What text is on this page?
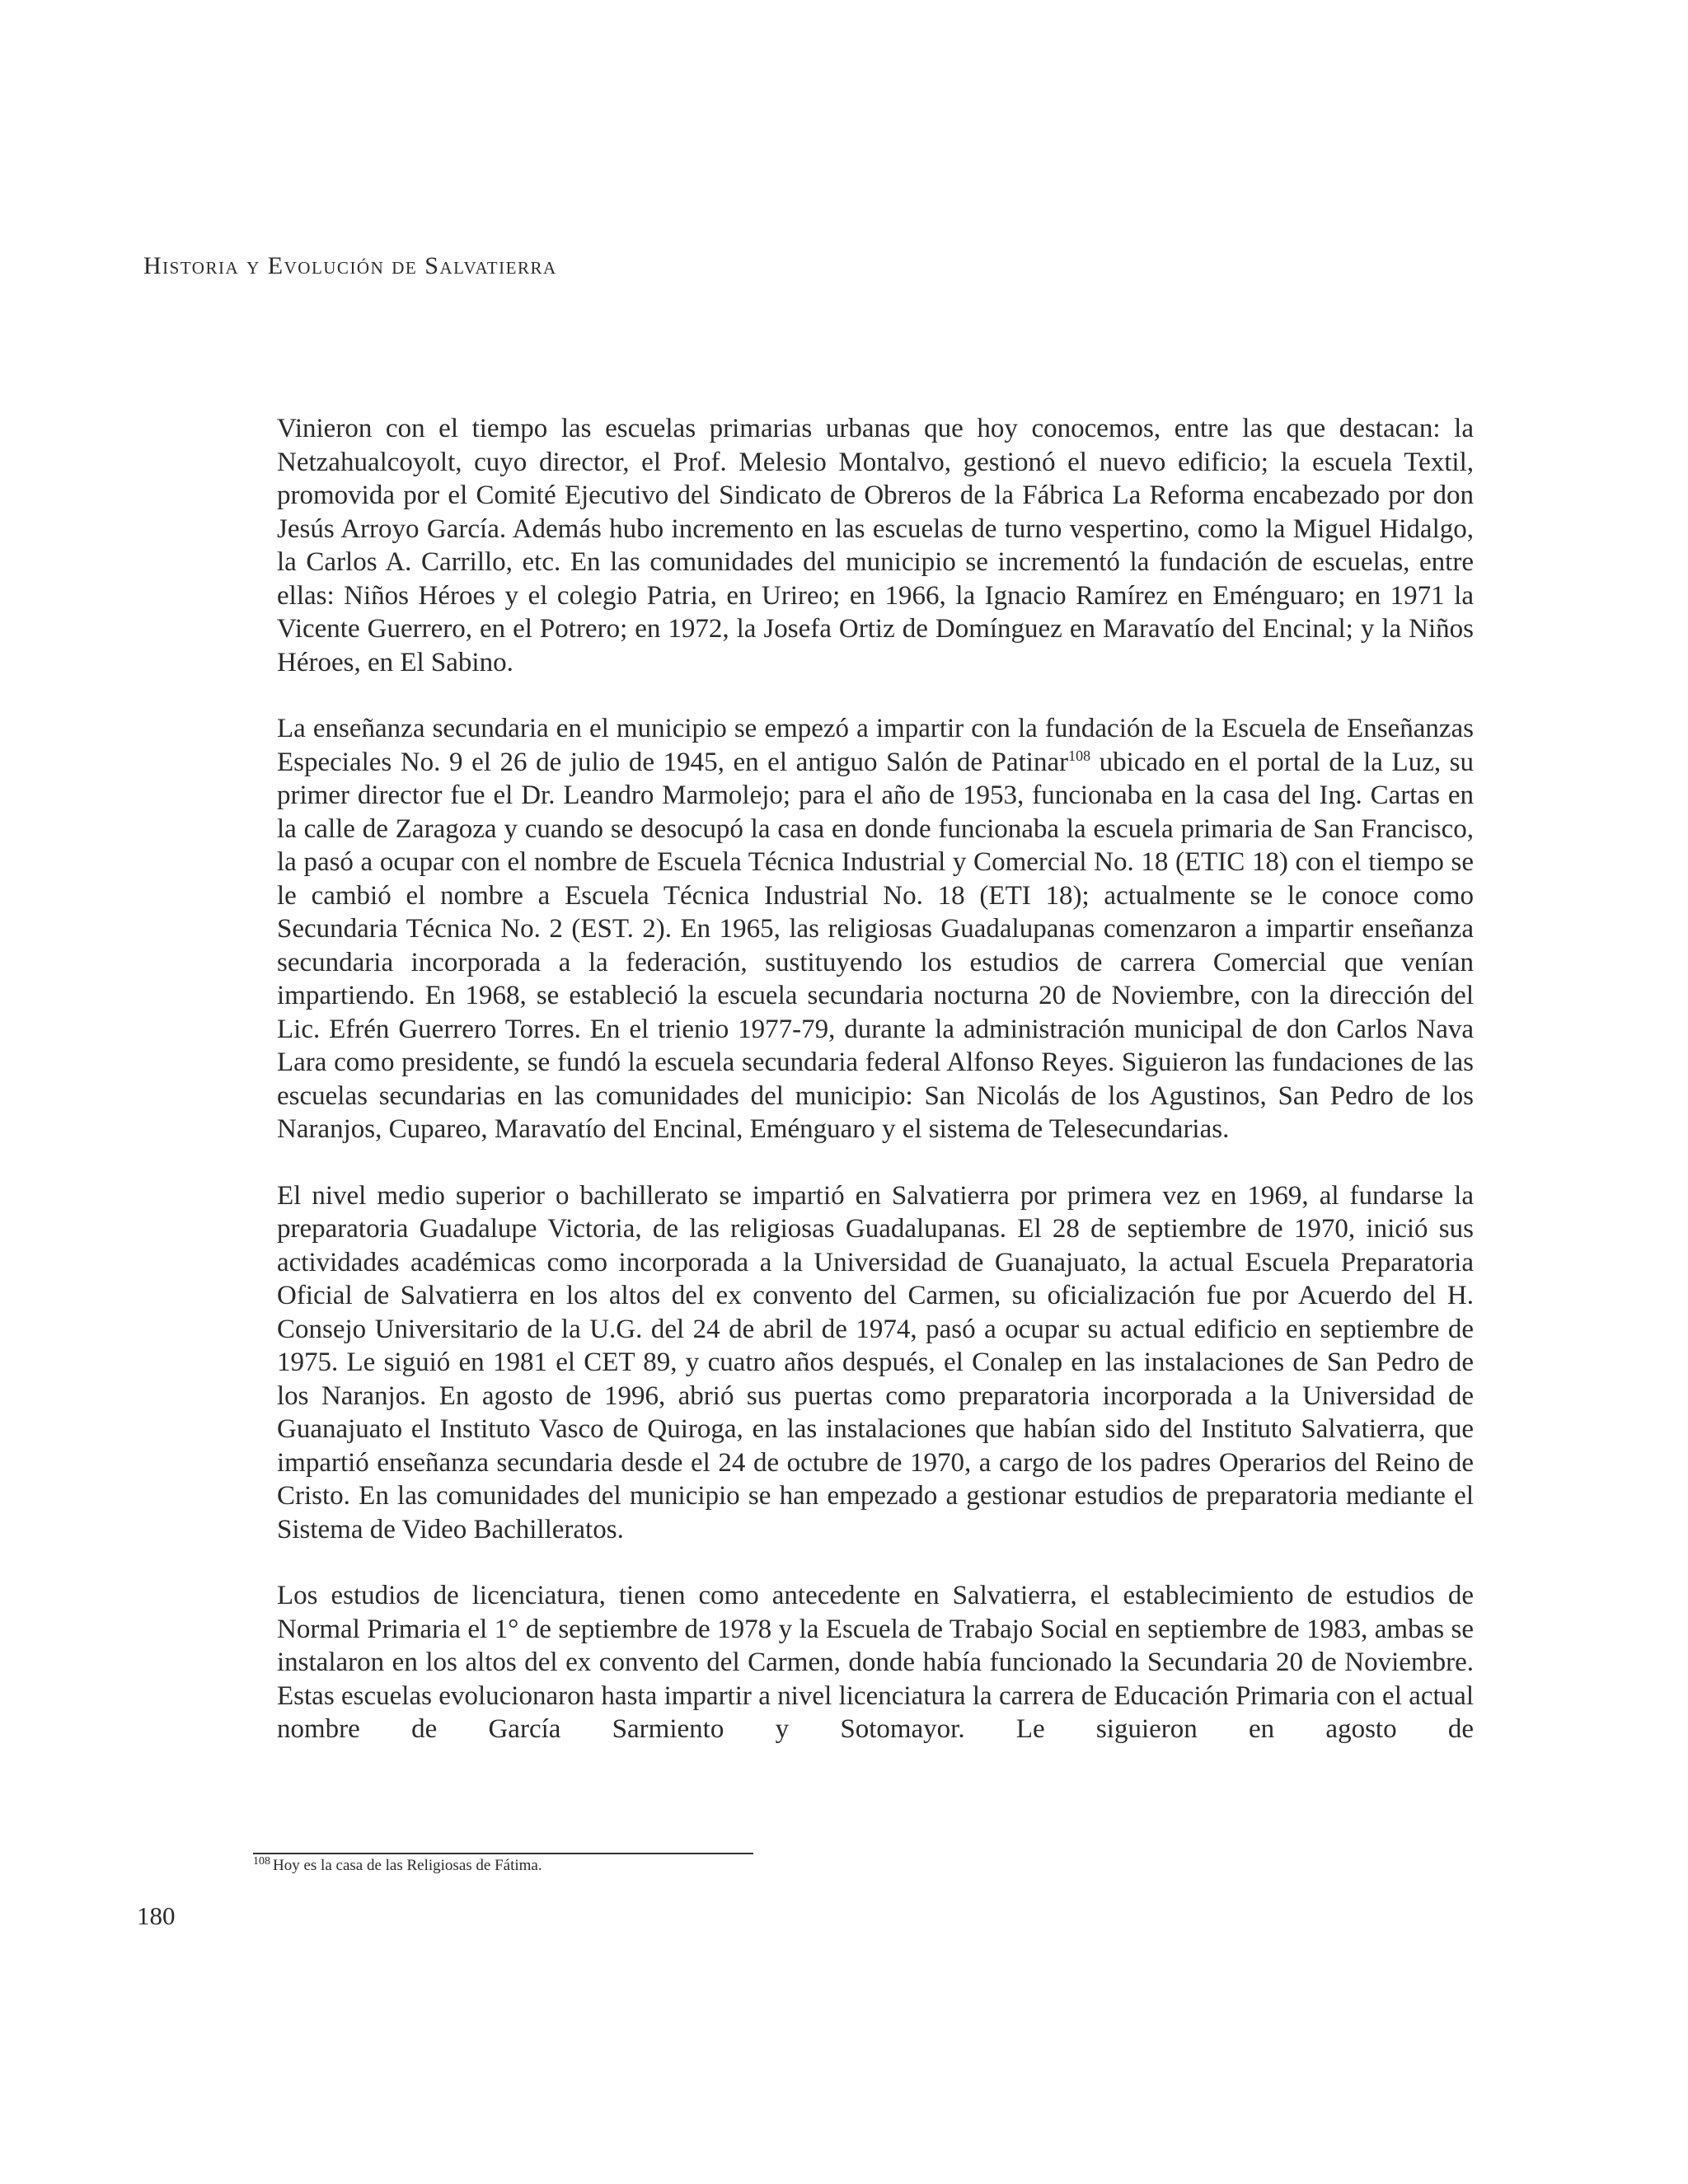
Historia y Evolución de Salvatierra

Vinieron con el tiempo las escuelas primarias urbanas que hoy conocemos, entre las que destacan: la Netzahualcoyolt, cuyo director, el Prof. Melesio Montalvo, gestionó el nuevo edificio; la escuela Textil, promovida por el Comité Ejecutivo del Sindicato de Obreros de la Fábrica La Reforma encabezado por don Jesús Arroyo García. Además hubo incremento en las escuelas de turno vespertino, como la Miguel Hidalgo, la Carlos A. Carrillo, etc. En las comunidades del municipio se incrementó la fundación de escuelas, entre ellas: Niños Héroes y el colegio Patria, en Urireo; en 1966, la Ignacio Ramírez en Eménguaro; en 1971 la Vicente Guerrero, en el Potrero; en 1972, la Josefa Ortiz de Domínguez en Maravatío del Encinal; y la Niños Héroes, en El Sabino.

La enseñanza secundaria en el municipio se empezó a impartir con la fundación de la Escuela de Enseñanzas Especiales No. 9 el 26 de julio de 1945, en el antiguo Salón de Patinar$^{108}$ ubicado en el portal de la Luz, su primer director fue el Dr. Leandro Marmolejo; para el año de 1953, funcionaba en la casa del Ing. Cartas en la calle de Zaragoza y cuando se desocupó la casa en donde funcionaba la escuela primaria de San Francisco, la pasó a ocupar con el nombre de Escuela Técnica Industrial y Comercial No. 18 (ETIC 18) con el tiempo se le cambió el nombre a Escuela Técnica Industrial No. 18 (ETI 18); actualmente se le conoce como Secundaria Técnica No. 2 (EST. 2). En 1965, las religiosas Guadalupanas comenzaron a impartir enseñanza secundaria incorporada a la federación, sustituyendo los estudios de carrera Comercial que venían impartiendo. En 1968, se estableció la escuela secundaria nocturna 20 de Noviembre, con la dirección del Lic. Efrén Guerrero Torres. En el trienio 1977-79, durante la administración municipal de don Carlos Nava Lara como presidente, se fundó la escuela secundaria federal Alfonso Reyes. Siguieron las fundaciones de las escuelas secundarias en las comunidades del municipio: San Nicolás de los Agustinos, San Pedro de los Naranjos, Cupareo, Maravatío del Encinal, Eménguaro y el sistema de Telesecundarias.

El nivel medio superior o bachillerato se impartió en Salvatierra por primera vez en 1969, al fundarse la preparatoria Guadalupe Victoria, de las religiosas Guadalupanas. El 28 de septiembre de 1970, inició sus actividades académicas como incorporada a la Universidad de Guanajuato, la actual Escuela Preparatoria Oficial de Salvatierra en los altos del ex convento del Carmen, su oficialización fue por Acuerdo del H. Consejo Universitario de la U.G. del 24 de abril de 1974, pasó a ocupar su actual edificio en septiembre de 1975. Le siguió en 1981 el CET 89, y cuatro años después, el Conalep en las instalaciones de San Pedro de los Naranjos. En agosto de 1996, abrió sus puertas como preparatoria incorporada a la Universidad de Guanajuato el Instituto Vasco de Quiroga, en las instalaciones que habían sido del Instituto Salvatierra, que impartió enseñanza secundaria desde el 24 de octubre de 1970, a cargo de los padres Operarios del Reino de Cristo. En las comunidades del municipio se han empezado a gestionar estudios de preparatoria mediante el Sistema de Video Bachilleratos.

Los estudios de licenciatura, tienen como antecedente en Salvatierra, el establecimiento de estudios de Normal Primaria el 1° de septiembre de 1978 y la Escuela de Trabajo Social en septiembre de 1983, ambas se instalaron en los altos del ex convento del Carmen, donde había funcionado la Secundaria 20 de Noviembre. Estas escuelas evolucionaron hasta impartir a nivel licenciatura la carrera de Educación Primaria con el actual nombre de García Sarmiento y Sotomayor. Le siguieron en agosto de

$^{108}$ Hoy es la casa de las Religiosas de Fátima.
180
